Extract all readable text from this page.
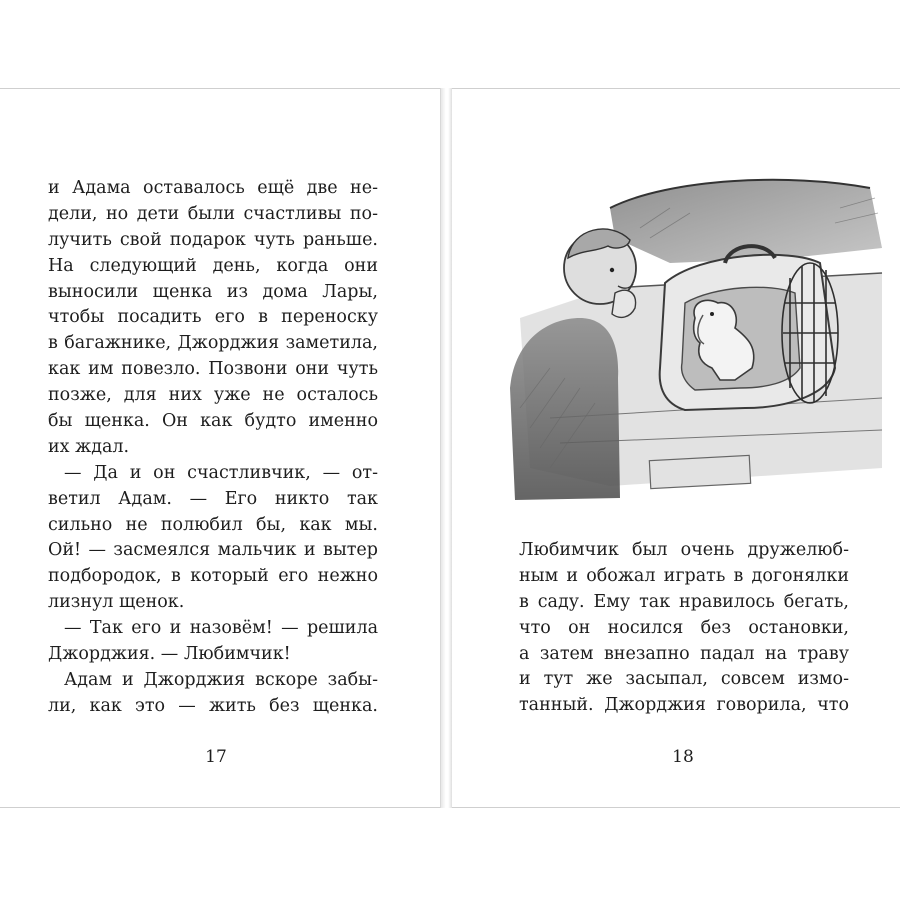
и Адама оставалось ещё две не-
дели, но дети были счастливы по-
лучить свой подарок чуть раньше.
На следующий день, когда они
выносили щенка из дома Лары,
чтобы посадить его в переноску
в багажнике, Джорджия заметила,
как им повезло. Позвони они чуть
позже, для них уже не осталось
бы щенка. Он как будто именно
их ждал.
— Да и он счастливчик, — от-
ветил Адам. — Его никто так
сильно не полюбил бы, как мы.
Ой! — засмеялся мальчик и вытер
подбородок, в который его нежно
лизнул щенок.
— Так его и назовём! — решила
Джорджия. — Любимчик!
Адам и Джорджия вскоре забы-
ли, как это — жить без щенка.
17
Любимчик был очень дружелюб-
ным и обожал играть в догонялки
в саду. Ему так нравилось бегать,
что он носился без остановки,
а затем внезапно падал на траву
и тут же засыпал, совсем измо-
танный. Джорджия говорила, что
18
